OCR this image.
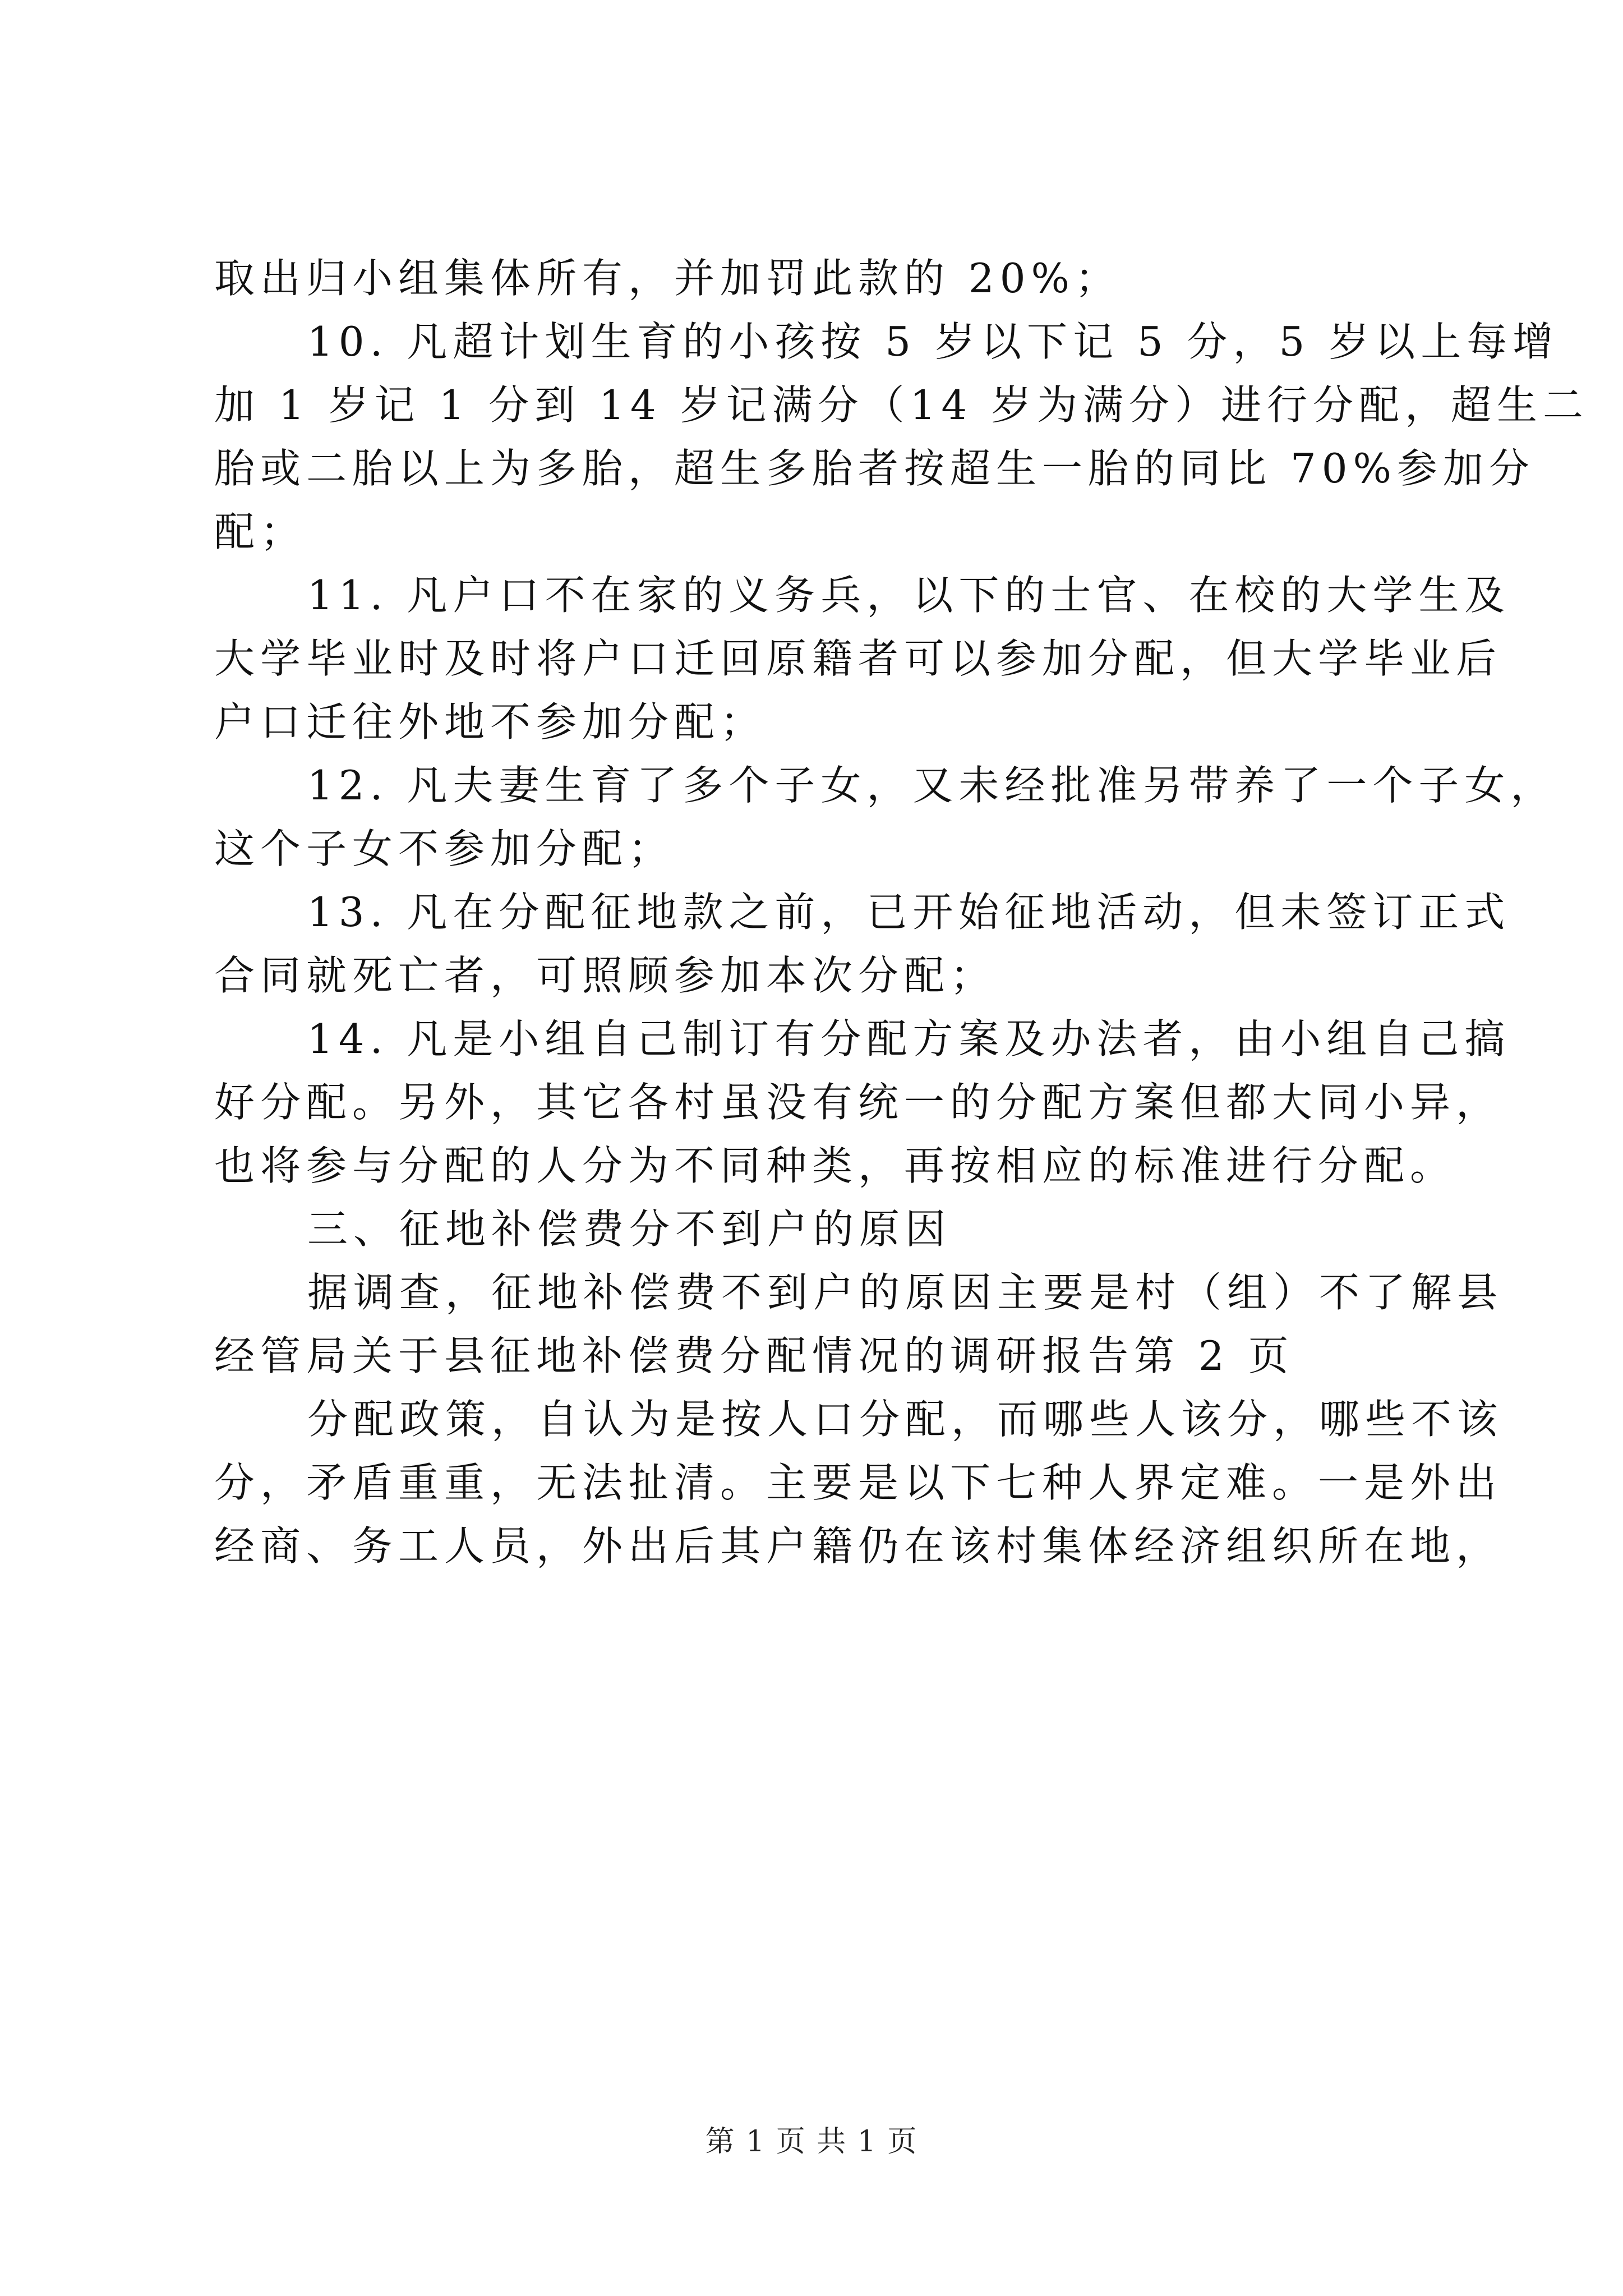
取出归小组集体所有，并加罚此款的 20%；
10. 凡超计划生育的小孩按 5 岁以下记 5 分，5 岁以上每增
加 1 岁记 1 分到 14 岁记满分（14 岁为满分）进行分配，超生二
胎或二胎以上为多胎，超生多胎者按超生一胎的同比 70%参加分
配；
11. 凡户口不在家的义务兵，以下的士官、在校的大学生及
大学毕业时及时将户口迁回原籍者可以参加分配，但大学毕业后
户口迁往外地不参加分配；
12. 凡夫妻生育了多个子女，又未经批准另带养了一个子女，
这个子女不参加分配；
13. 凡在分配征地款之前，已开始征地活动，但未签订正式
合同就死亡者，可照顾参加本次分配；
14. 凡是小组自己制订有分配方案及办法者，由小组自己搞
好分配。另外，其它各村虽没有统一的分配方案但都大同小异，
也将参与分配的人分为不同种类，再按相应的标准进行分配。
三、征地补偿费分不到户的原因
据调查，征地补偿费不到户的原因主要是村（组）不了解县
经管局关于县征地补偿费分配情况的调研报告第 2 页
分配政策，自认为是按人口分配，而哪些人该分，哪些不该
分，矛盾重重，无法扯清。主要是以下七种人界定难。一是外出
经商、务工人员，外出后其户籍仍在该村集体经济组织所在地，
第 1 页 共 1 页
